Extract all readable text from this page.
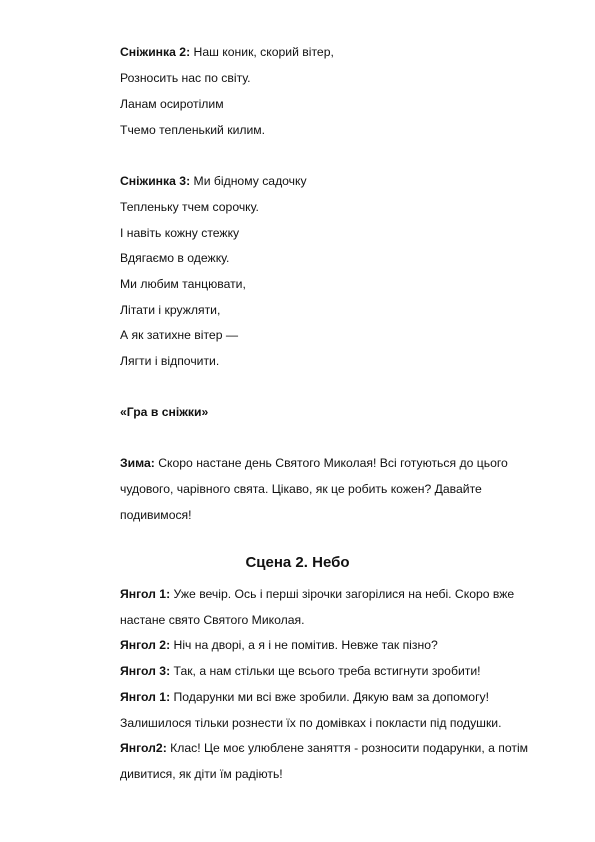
Сніжинка 2: Наш коник, скорий вітер,
Розносить нас по світу.
Ланам осиротілим
Тчемо тепленький килим.
Сніжинка 3: Ми бідному садочку
Тепленьку тчем сорочку.
І навіть кожну стежку
Вдягаємо в одежку.
Ми любим танцювати,
Літати і кружляти,
А як затихне вітер —
Лягти і відпочити.
«Гра в сніжки»
Зима: Скоро настане день Святого Миколая! Всі готуються до цього
чудового, чарівного свята. Цікаво, як це робить кожен? Давайте
подивимося!
Сцена 2. Небо
Янгол 1: Уже вечір. Ось і перші зірочки загорілися на небі. Скоро вже
настане свято Святого Миколая.
Янгол 2: Ніч на дворі, а я і не помітив. Невже так пізно?
Янгол 3: Так, а нам стільки ще всього треба встигнути зробити!
Янгол 1: Подарунки ми всі вже зробили. Дякую вам за допомогу!
Залишилося тільки рознести їх по домівках і покласти під подушки.
Янгол2: Клас! Це моє улюблене заняття - розносити подарунки, а потім
дивитися, як діти їм радіють!
